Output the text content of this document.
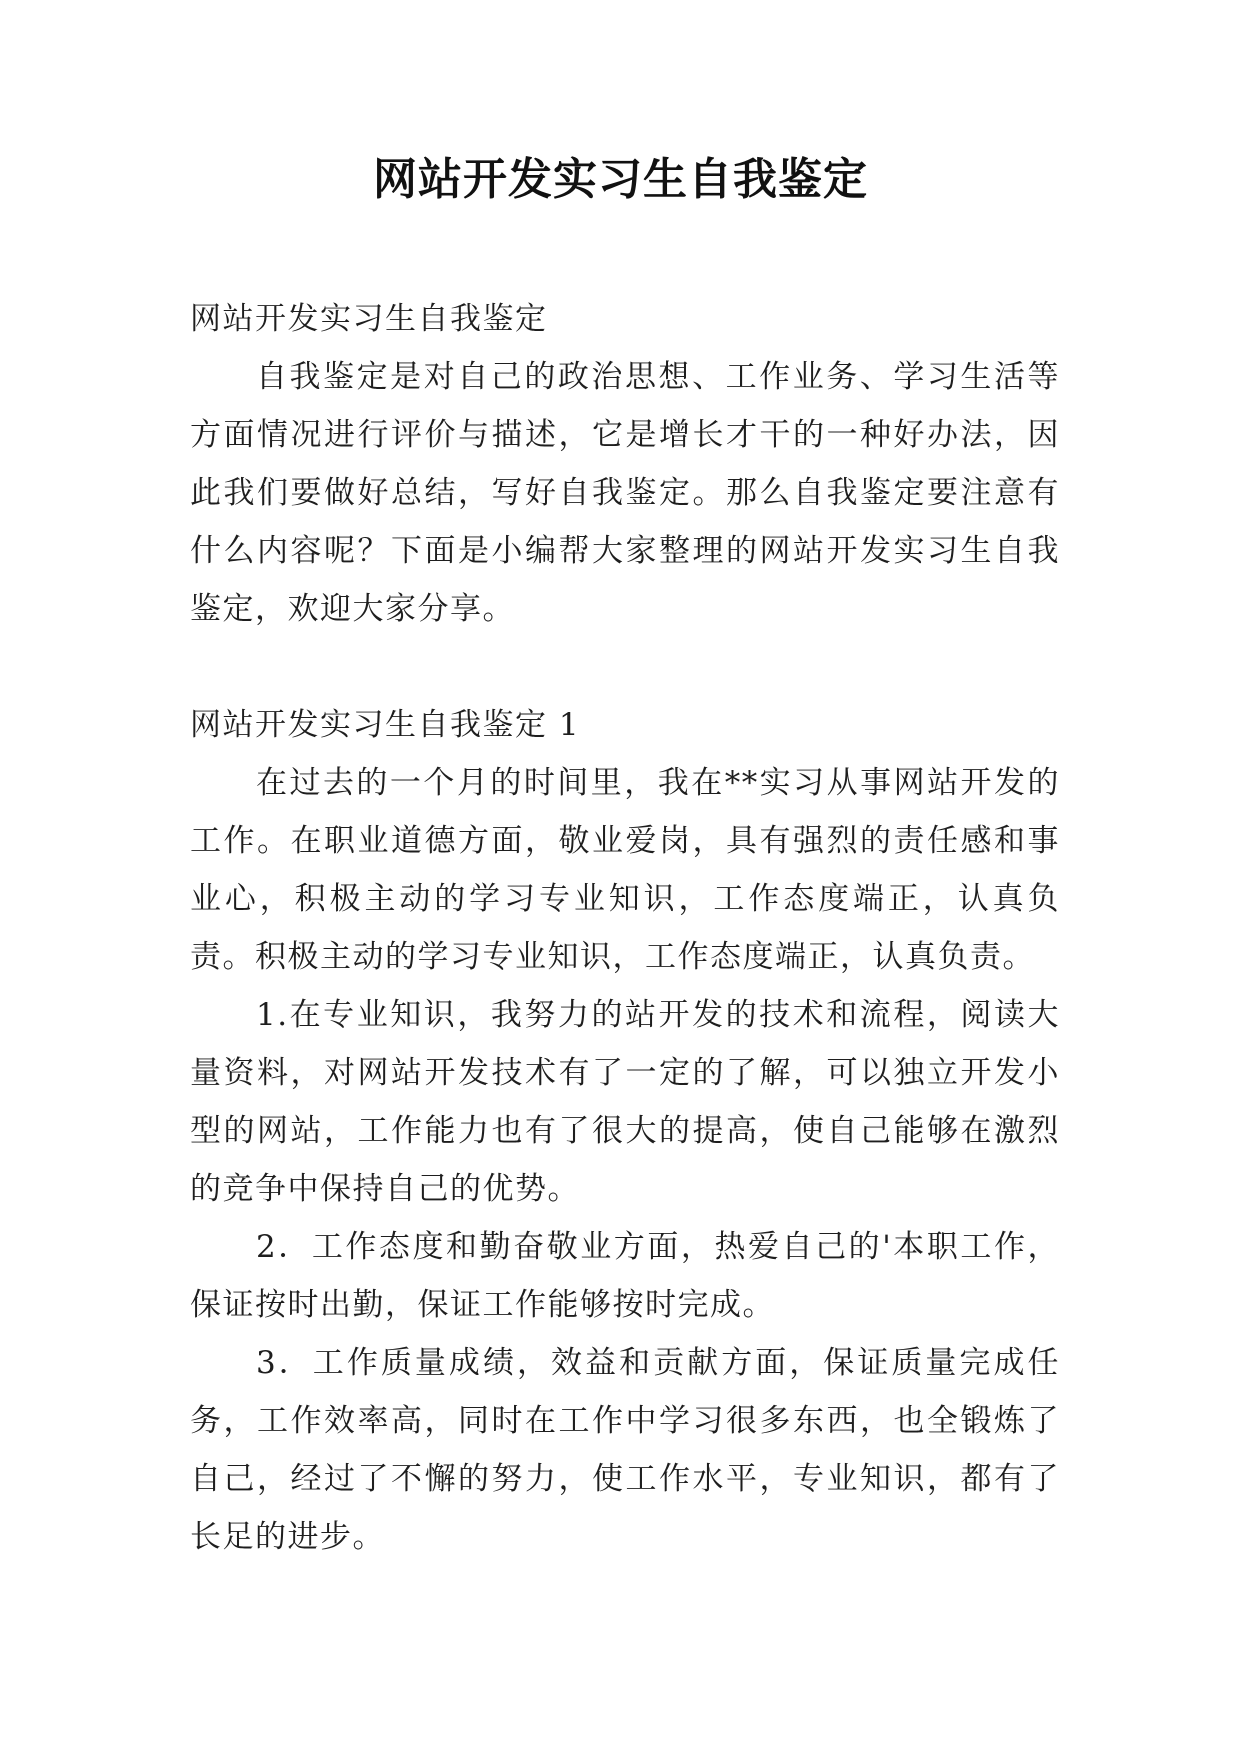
网站开发实习生自我鉴定

网站开发实习生自我鉴定

自我鉴定是对自己的政治思想、工作业务、学习生活等方面情况进行评价与描述，它是增长才干的一种好办法，因此我们要做好总结，写好自我鉴定。那么自我鉴定要注意有什么内容呢？下面是小编帮大家整理的网站开发实习生自我鉴定，欢迎大家分享。

网站开发实习生自我鉴定 1

在过去的一个月的时间里，我在**实习从事网站开发的工作。在职业道德方面，敬业爱岗，具有强烈的责任感和事业心，积极主动的学习专业知识，工作态度端正，认真负责。积极主动的学习专业知识，工作态度端正，认真负责。

1.在专业知识，我努力的站开发的技术和流程，阅读大量资料，对网站开发技术有了一定的了解，可以独立开发小型的网站，工作能力也有了很大的提高，使自己能够在激烈的竞争中保持自己的优势。

2．工作态度和勤奋敬业方面，热爱自己的'本职工作，保证按时出勤，保证工作能够按时完成。

3．工作质量成绩，效益和贡献方面，保证质量完成任务，工作效率高，同时在工作中学习很多东西，也全锻炼了自己，经过了不懈的努力，使工作水平，专业知识，都有了长足的进步。
